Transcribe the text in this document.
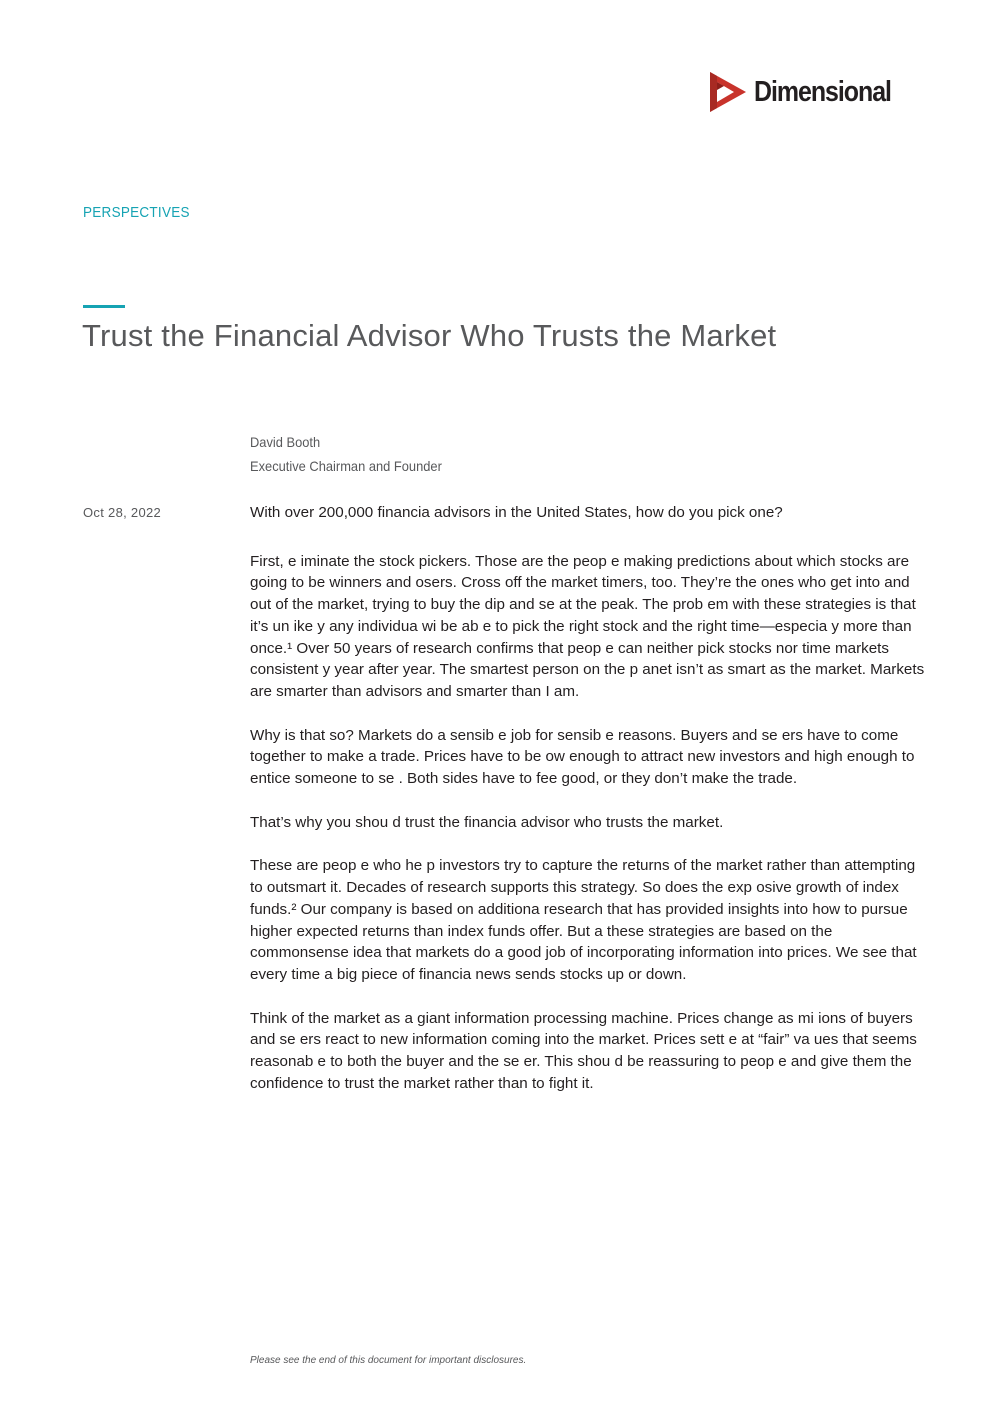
Dimensional
PERSPECTIVES
Trust the Financial Advisor Who Trusts the Market
David Booth
Executive Chairman and Founder
Oct 28, 2022	With over 200,000 financia advisors in the United States, how do you pick one?

First, e iminate the stock pickers. Those are the peop e making predictions about which stocks are going to be winners and osers. Cross off the market timers, too. They’re the ones who get into and out of the market, trying to buy the dip and se at the peak. The prob em with these strategies is that it’s un ike y any individua wi be ab e to pick the right stock and the right time—especia y more than once.¹ Over 50 years of research confirms that peop e can neither pick stocks nor time markets consistent y year after year. The smartest person on the p anet isn’t as smart as the market. Markets are smarter than advisors and smarter than I am.

Why is that so? Markets do a sensib e job for sensib e reasons. Buyers and se ers have to come together to make a trade. Prices have to be ow enough to attract new investors and high enough to entice someone to se . Both sides have to fee good, or they don’t make the trade.

That’s why you shou d trust the financia advisor who trusts the market.

These are peop e who he p investors try to capture the returns of the market rather than attempting to outsmart it. Decades of research supports this strategy. So does the exp osive growth of index funds.² Our company is based on additiona research that has provided insights into how to pursue higher expected returns than index funds offer. But a these strategies are based on the commonsense idea that markets do a good job of incorporating information into prices. We see that every time a big piece of financia news sends stocks up or down.

Think of the market as a giant information processing machine. Prices change as mi ions of buyers and se ers react to new information coming into the market. Prices sett e at “fair” va ues that seems reasonab e to both the buyer and the se er. This shou d be reassuring to peop e and give them the confidence to trust the market rather than to fight it.

Please see the end of this document for important disclosures.
